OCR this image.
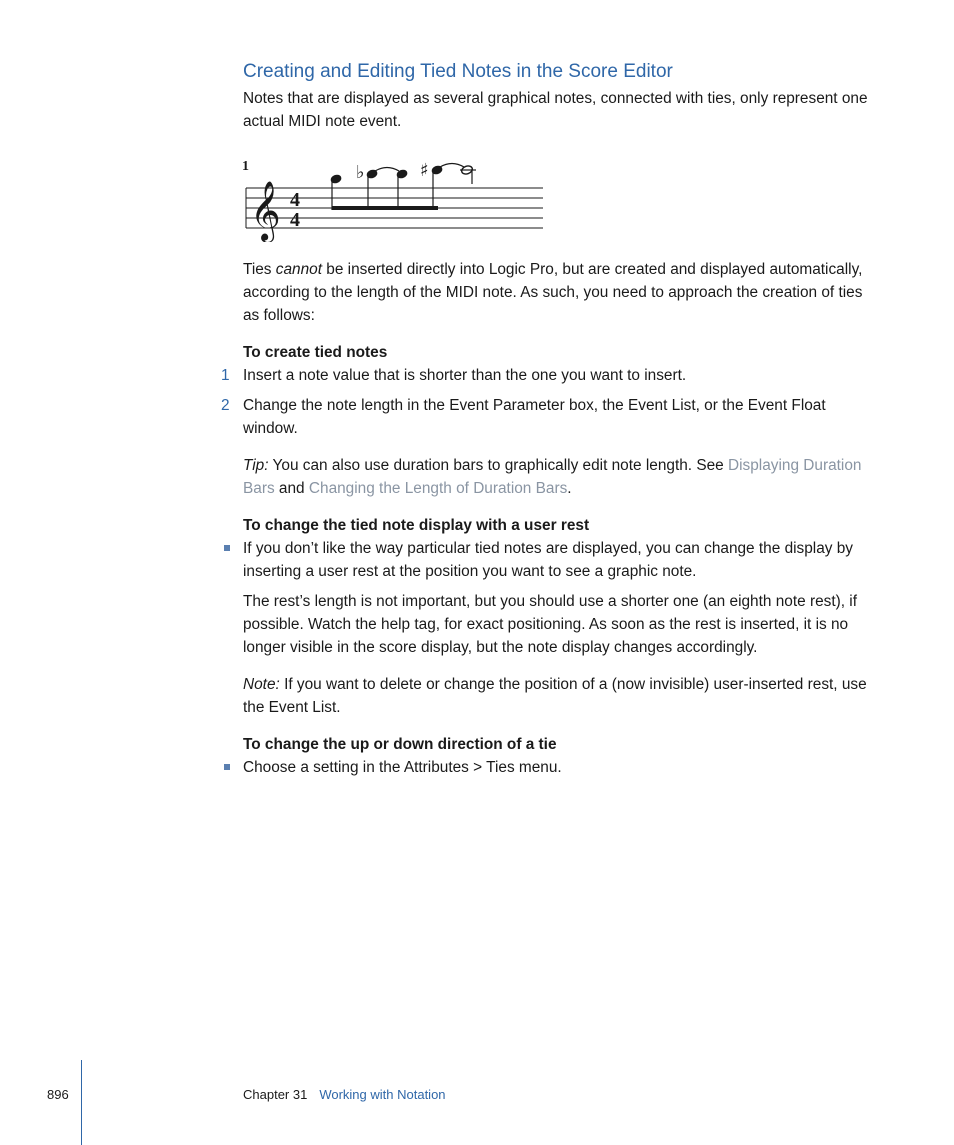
Creating and Editing Tied Notes in the Score Editor

Notes that are displayed as several graphical notes, connected with ties, only represent one actual MIDI note event.

1
𝄞 4
4
♭	♯

Ties cannot be inserted directly into Logic Pro, but are created and displayed automatically, according to the length of the MIDI note. As such, you need to approach the creation of ties as follows:

To create tied notes

1 Insert a note value that is shorter than the one you want to insert.

2 Change the note length in the Event Parameter box, the Event List, or the Event Float window.

Tip: You can also use duration bars to graphically edit note length. See Displaying Duration Bars and Changing the Length of Duration Bars.

To change the tied note display with a user rest

If you don’t like the way particular tied notes are displayed, you can change the display by inserting a user rest at the position you want to see a graphic note.

The rest’s length is not important, but you should use a shorter one (an eighth note rest), if possible. Watch the help tag, for exact positioning. As soon as the rest is inserted, it is no longer visible in the score display, but the note display changes accordingly.

Note: If you want to delete or change the position of a (now invisible) user-inserted rest, use the Event List.

To change the up or down direction of a tie

Choose a setting in the Attributes > Ties menu.

896	Chapter 31 Working with Notation
